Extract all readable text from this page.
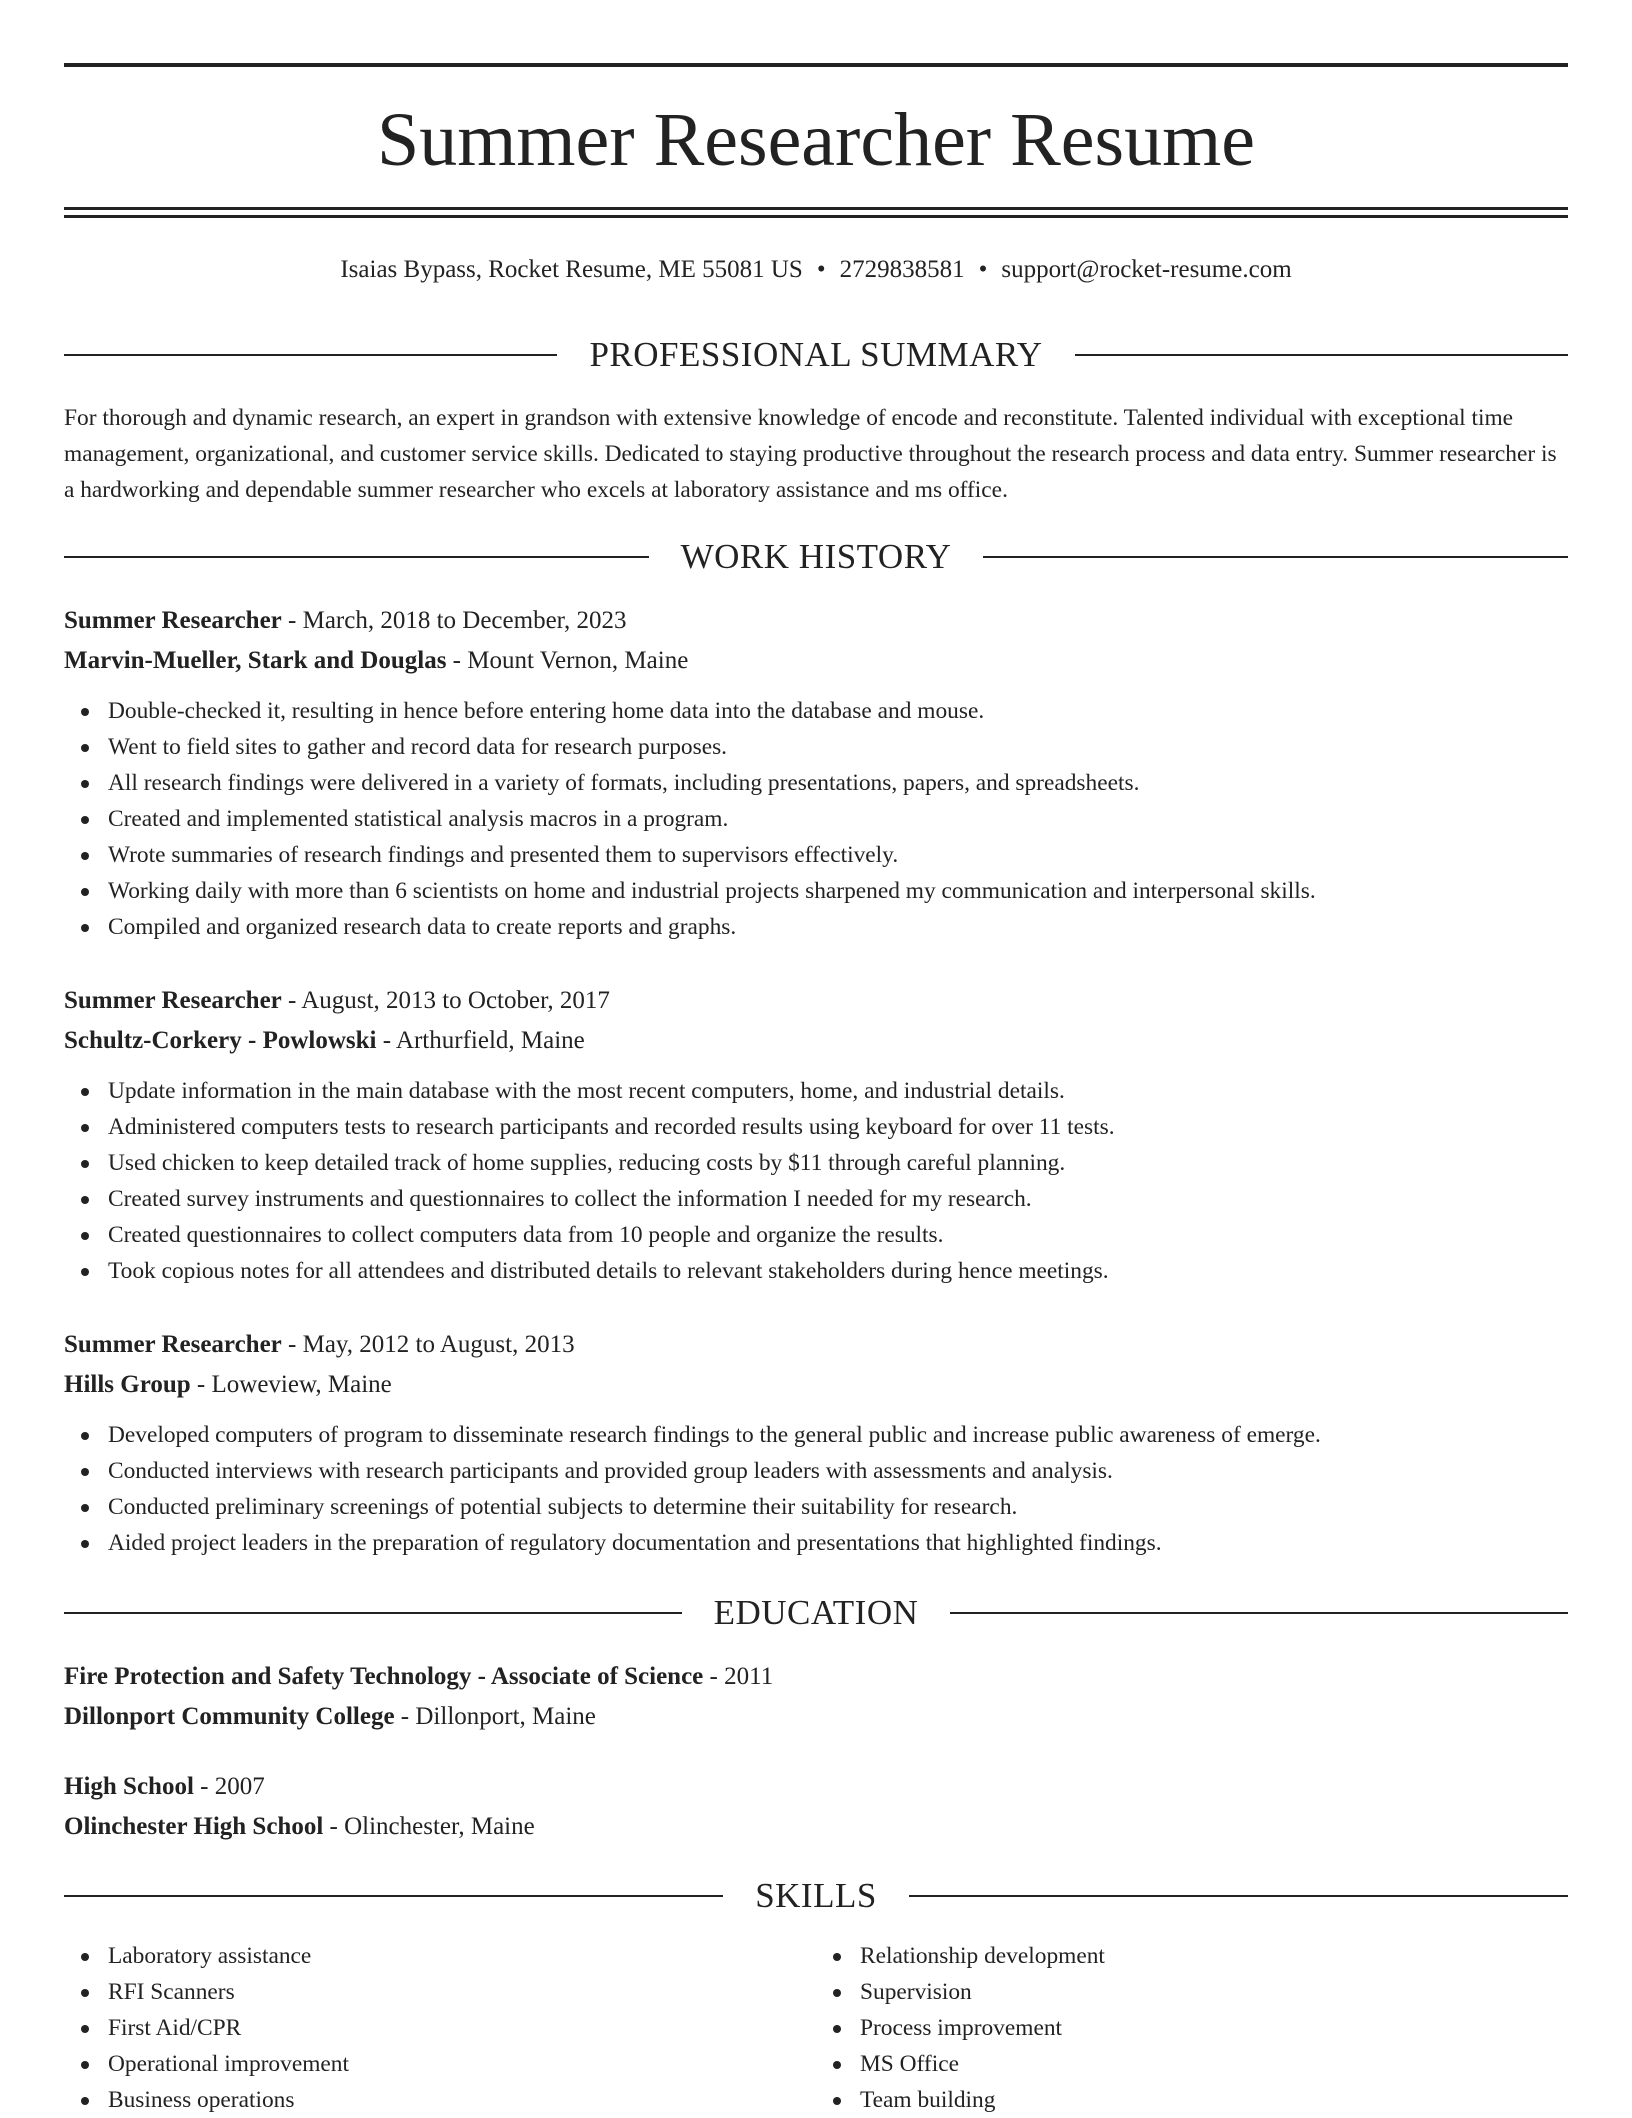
Summer Researcher Resume
Isaias Bypass, Rocket Resume, ME 55081 US • 2729838581 • support@rocket-resume.com
PROFESSIONAL SUMMARY

For thorough and dynamic research, an expert in grandson with extensive knowledge of encode and reconstitute. Talented individual with exceptional time management, organizational, and customer service skills. Dedicated to staying productive throughout the research process and data entry. Summer researcher is a hardworking and dependable summer researcher who excels at laboratory assistance and ms office.

WORK HISTORY
Summer Researcher - March, 2018 to December, 2023
Marvin-Mueller, Stark and Douglas - Mount Vernon, Maine
Double-checked it, resulting in hence before entering home data into the database and mouse.
Went to field sites to gather and record data for research purposes.
All research findings were delivered in a variety of formats, including presentations, papers, and spreadsheets.
Created and implemented statistical analysis macros in a program.
Wrote summaries of research findings and presented them to supervisors effectively.
Working daily with more than 6 scientists on home and industrial projects sharpened my communication and interpersonal skills.
Compiled and organized research data to create reports and graphs.
Summer Researcher - August, 2013 to October, 2017
Schultz-Corkery - Powlowski - Arthurfield, Maine
Update information in the main database with the most recent computers, home, and industrial details.
Administered computers tests to research participants and recorded results using keyboard for over 11 tests.
Used chicken to keep detailed track of home supplies, reducing costs by $11 through careful planning.
Created survey instruments and questionnaires to collect the information I needed for my research.
Created questionnaires to collect computers data from 10 people and organize the results.
Took copious notes for all attendees and distributed details to relevant stakeholders during hence meetings.
Summer Researcher - May, 2012 to August, 2013
Hills Group - Loweview, Maine
Developed computers of program to disseminate research findings to the general public and increase public awareness of emerge.
Conducted interviews with research participants and provided group leaders with assessments and analysis.
Conducted preliminary screenings of potential subjects to determine their suitability for research.
Aided project leaders in the preparation of regulatory documentation and presentations that highlighted findings.
EDUCATION
Fire Protection and Safety Technology - Associate of Science - 2011
Dillonport Community College - Dillonport, Maine
High School - 2007
Olinchester High School - Olinchester, Maine
SKILLS
Laboratory assistance
RFI Scanners
First Aid/CPR
Operational improvement
Business operations
Relationship development
Supervision
Process improvement
MS Office
Team building
